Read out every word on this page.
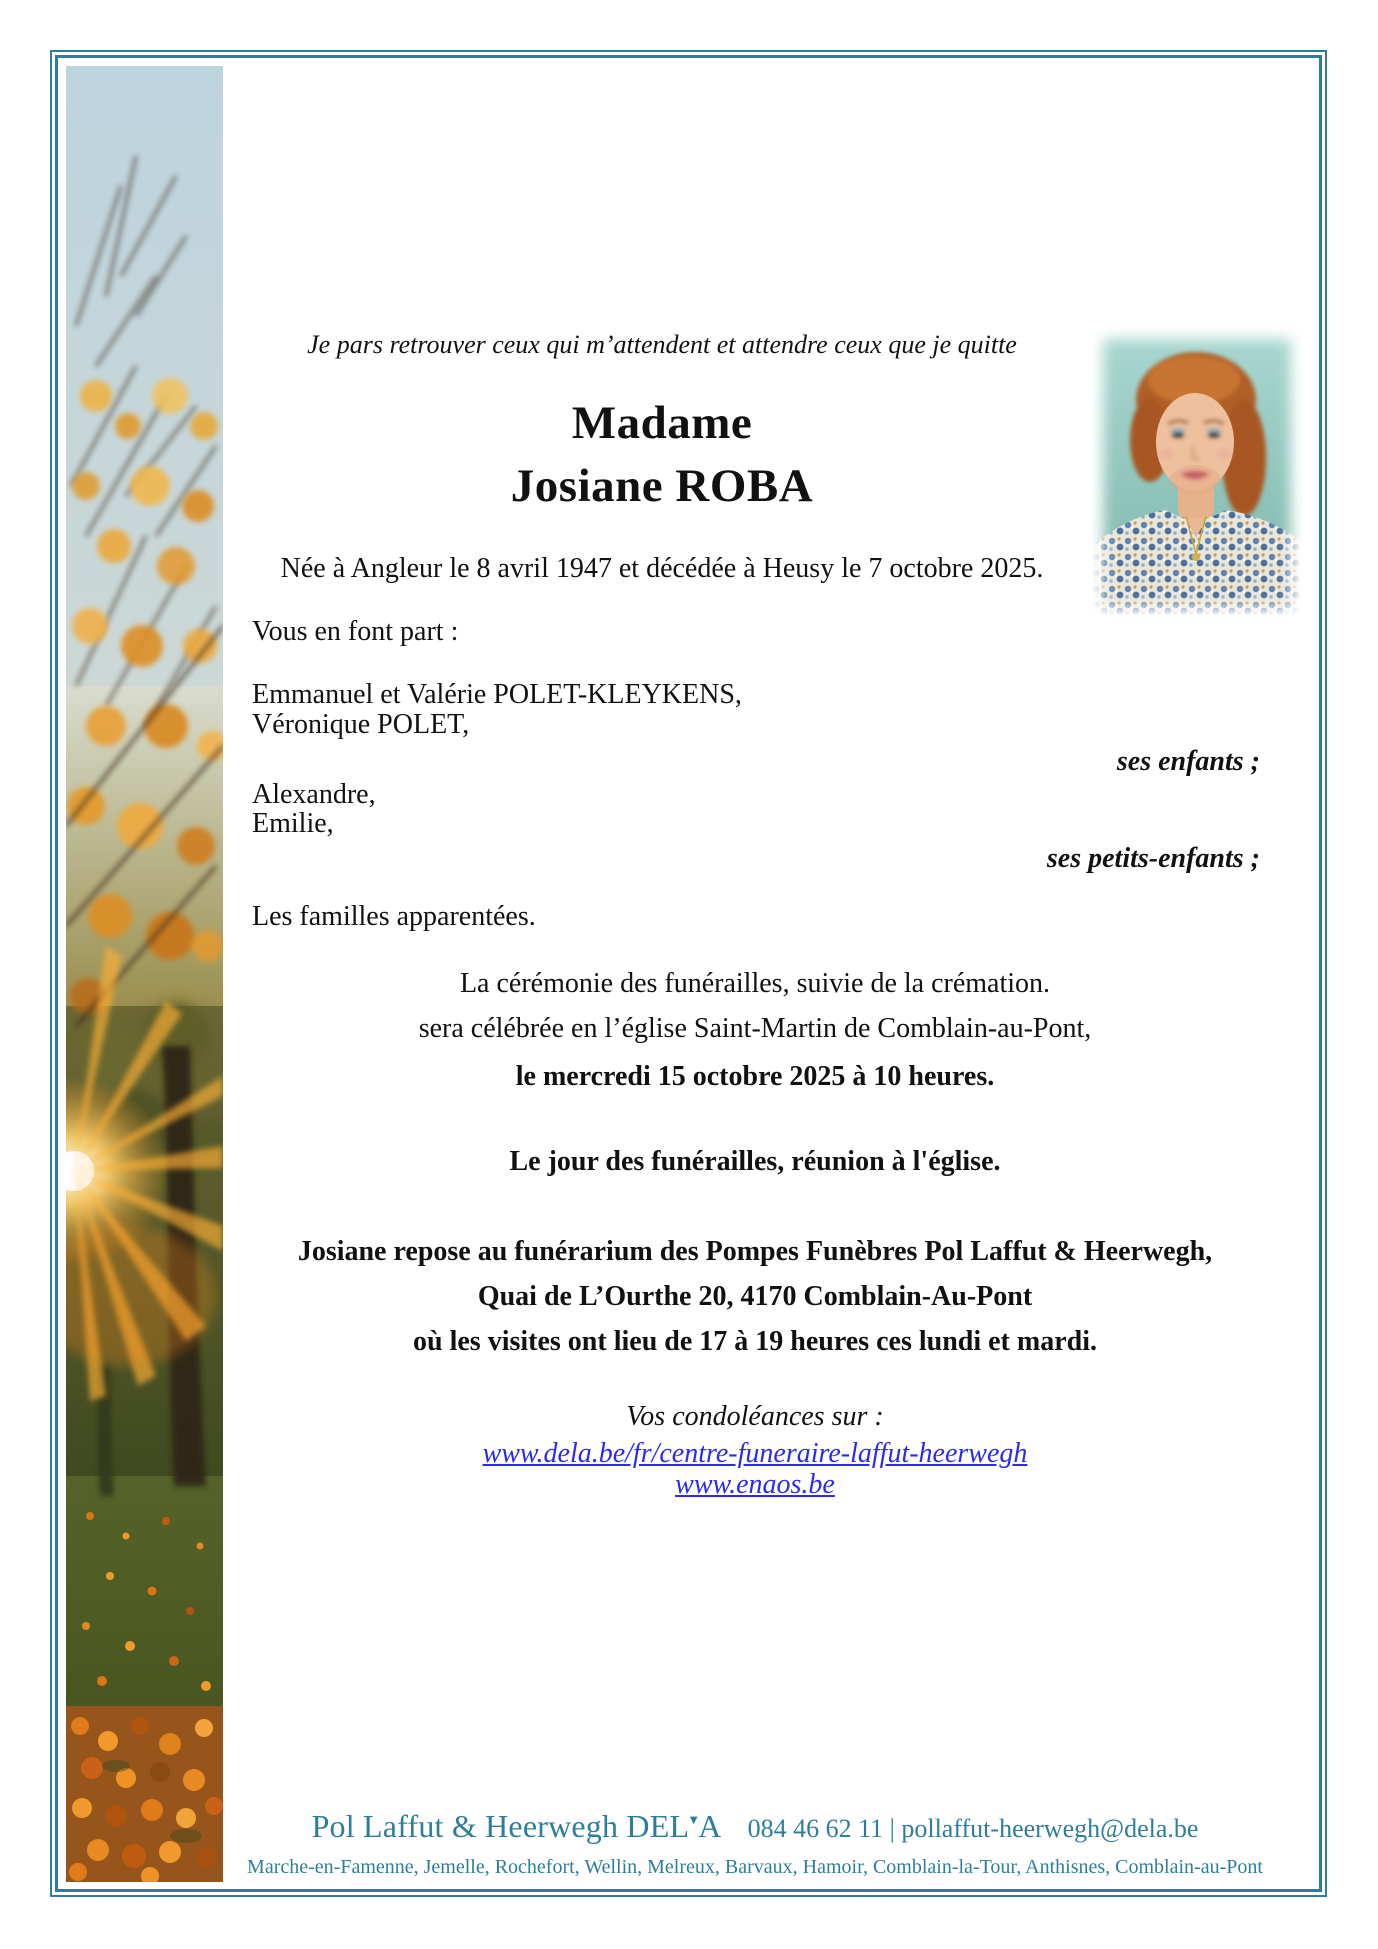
Je pars retrouver ceux qui m’attendent et attendre ceux que je quitte
Madame
Josiane ROBA
Née à Angleur le 8 avril 1947 et décédée à Heusy le 7 octobre 2025.
Vous en font part :
Emmanuel et Valérie POLET-KLEYKENS,
Véronique POLET,
ses enfants ;
Alexandre,
Emilie,
ses petits-enfants ;
Les familles apparentées.
La cérémonie des funérailles, suivie de la crémation.
sera célébrée en l’église Saint-Martin de Comblain-au-Pont,
le mercredi 15 octobre 2025 à 10 heures.
Le jour des funérailles, réunion à l'église.
Josiane repose au funérarium des Pompes Funèbres Pol Laffut & Heerwegh,
Quai de L’Ourthe 20, 4170 Comblain-Au-Pont
où les visites ont lieu de 17 à 19 heures ces lundi et mardi.
Vos condoléances sur :
www.dela.be/fr/centre-funeraire-laffut-heerwegh
www.enaos.be
Pol Laffut & Heerwegh DEL▼A 084 46 62 11 | pollaffut-heerwegh@dela.be
Marche-en-Famenne, Jemelle, Rochefort, Wellin, Melreux, Barvaux, Hamoir, Comblain-la-Tour, Anthisnes, Comblain-au-Pont
